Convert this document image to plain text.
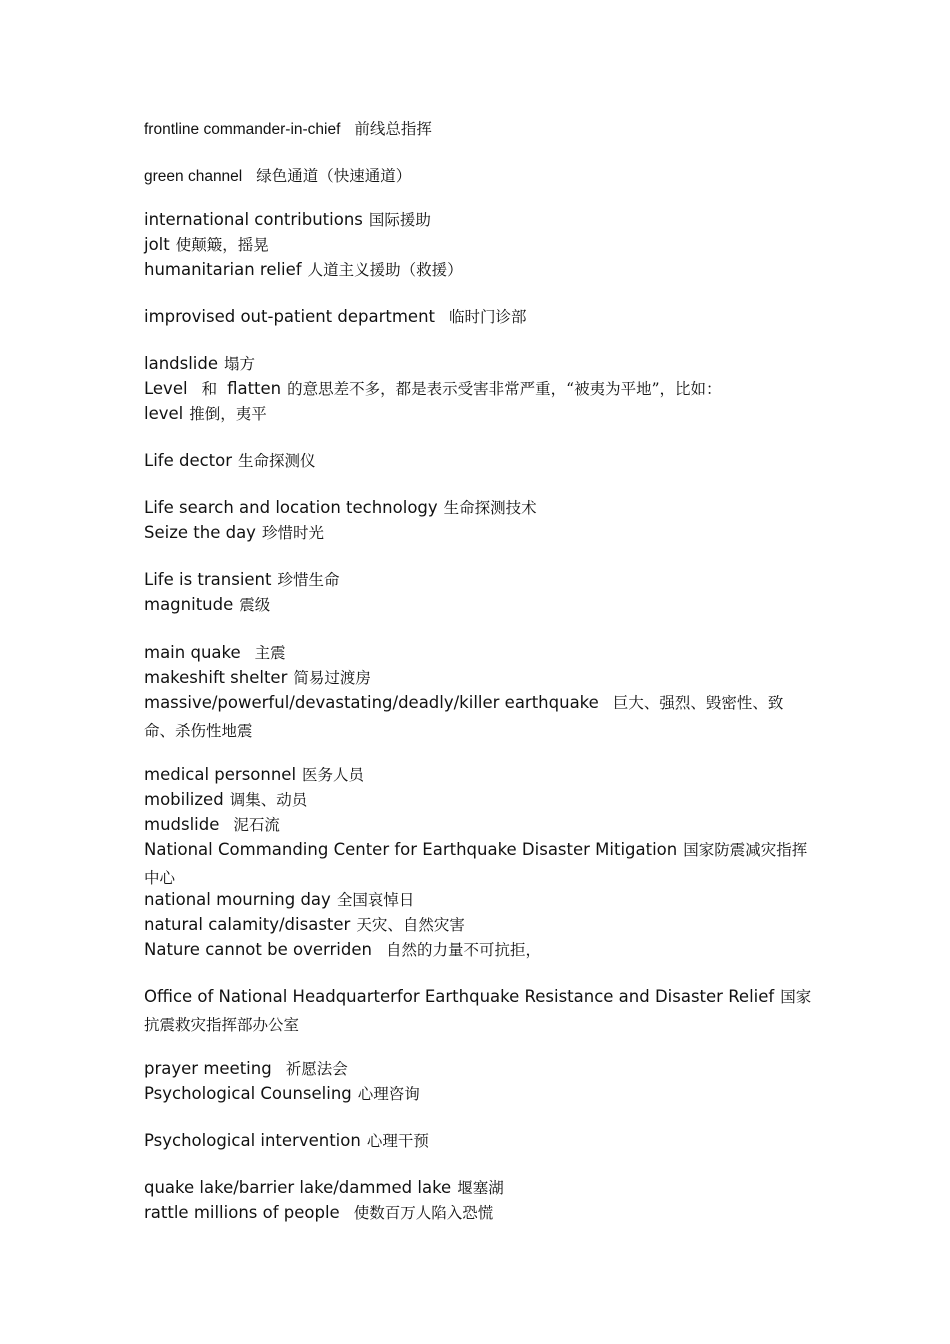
frontline commander-in-chief 前线总指挥
green channel 绿色通道（快速通道）
international contributions 国际援助
jolt 使颠簸，摇晃
humanitarian relief 人道主义援助（救援）
improvised out-patient department 临时门诊部
landslide 塌方
Level 和 flatten 的意思差不多，都是表示受害非常严重，“被夷为平地”，比如：
level 推倒，夷平
Life dector 生命探测仪
Life search and location technology 生命探测技术
Seize the day 珍惜时光
Life is transient 珍惜生命
magnitude 震级
main quake 主震
makeshift shelter 简易过渡房
massive/powerful/devastating/deadly/killer earthquake 巨大、强烈、毁密性、致命、杀伤性地震
medical personnel 医务人员
mobilized 调集、动员
mudslide 泥石流
National Commanding Center for Earthquake Disaster Mitigation 国家防震减灾指挥中心
national mourning day 全国哀悼日
natural calamity/disaster 天灾、自然灾害
Nature cannot be overriden 自然的力量不可抗拒，
Office of National Headquarterfor Earthquake Resistance and Disaster Relief 国家抗震救灾指挥部办公室
prayer meeting 祈愿法会
Psychological Counseling 心理咨询
Psychological intervention 心理干预
quake lake/barrier lake/dammed lake 堰塞湖
rattle millions of people 使数百万人陷入恐慌
